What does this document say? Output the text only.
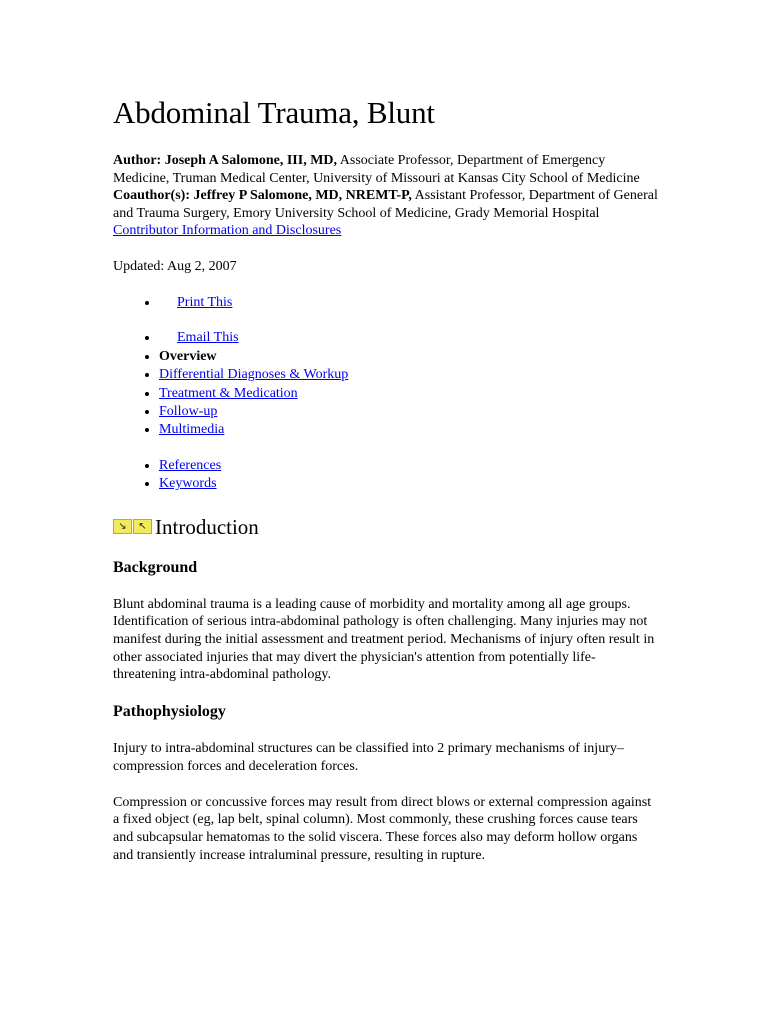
Abdominal Trauma, Blunt
Author: Joseph A Salomone, III, MD, Associate Professor, Department of Emergency Medicine, Truman Medical Center, University of Missouri at Kansas City School of Medicine
Coauthor(s): Jeffrey P Salomone, MD, NREMT-P, Assistant Professor, Department of General and Trauma Surgery, Emory University School of Medicine, Grady Memorial Hospital
Contributor Information and Disclosures
Updated: Aug 2, 2007
• Print This
• Email This
• Overview
• Differential Diagnoses & Workup
• Treatment & Medication
• Follow-up
• Multimedia
• References
• Keywords
↘	↖ Introduction
Background

Blunt abdominal trauma is a leading cause of morbidity and mortality among all age groups. Identification of serious intra-abdominal pathology is often challenging. Many injuries may not manifest during the initial assessment and treatment period. Mechanisms of injury often result in other associated injuries that may divert the physician's attention from potentially life-threatening intra-abdominal pathology.

Pathophysiology

Injury to intra-abdominal structures can be classified into 2 primary mechanisms of injury–compression forces and deceleration forces.

Compression or concussive forces may result from direct blows or external compression against a fixed object (eg, lap belt, spinal column). Most commonly, these crushing forces cause tears and subcapsular hematomas to the solid viscera. These forces also may deform hollow organs and transiently increase intraluminal pressure, resulting in rupture.
